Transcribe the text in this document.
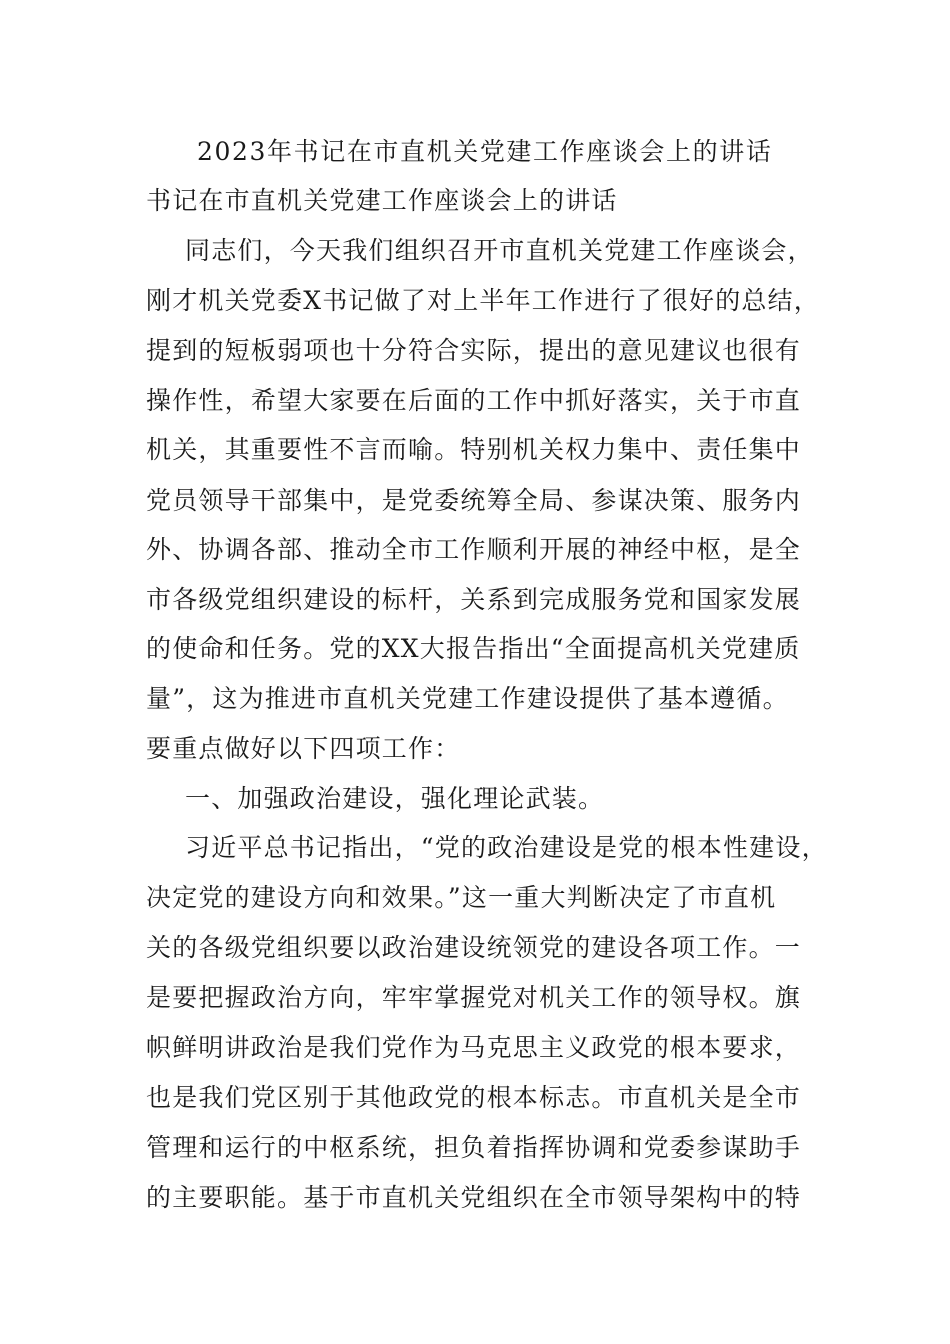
2023年书记在市直机关党建工作座谈会上的讲话
书记在市直机关党建工作座谈会上的讲话
同志们，今天我们组织召开市直机关党建工作座谈会，
刚才机关党委X书记做了对上半年工作进行了很好的总结，
提到的短板弱项也十分符合实际，提出的意见建议也很有
操作性，希望大家要在后面的工作中抓好落实，关于市直
机关，其重要性不言而喻。特别机关权力集中、责任集中
党员领导干部集中，是党委统筹全局、参谋决策、服务内
外、协调各部、推动全市工作顺利开展的神经中枢，是全
市各级党组织建设的标杆，关系到完成服务党和国家发展
的使命和任务。党的XX大报告指出“全面提高机关党建质
量”，这为推进市直机关党建工作建设提供了基本遵循。
要重点做好以下四项工作：
一、加强政治建设，强化理论武装。
习近平总书记指出，“党的政治建设是党的根本性建设，
决定党的建设方向和效果。”这一重大判断决定了市直机
关的各级党组织要以政治建设统领党的建设各项工作。一
是要把握政治方向，牢牢掌握党对机关工作的领导权。旗
帜鲜明讲政治是我们党作为马克思主义政党的根本要求，
也是我们党区别于其他政党的根本标志。市直机关是全市
管理和运行的中枢系统，担负着指挥协调和党委参谋助手
的主要职能。基于市直机关党组织在全市领导架构中的特
